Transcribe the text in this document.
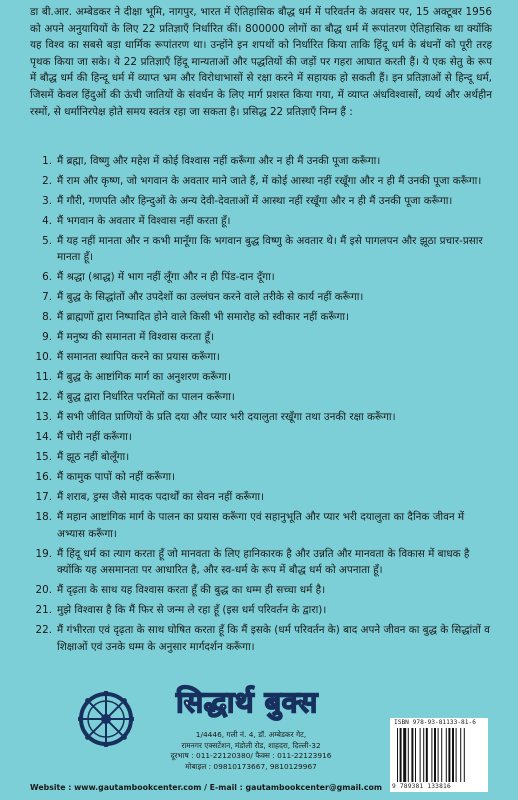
डा बी.आर. अम्बेडकर ने दीक्षा भूमि, नागपुर, भारत में ऐतिहासिक बौद्ध धर्म में परिवर्तन के अवसर पर, 15 अक्टूबर 1956 को अपने अनुयायियों के लिए 22 प्रतिज्ञाएँ निर्धारित कीं। 800000 लोगों का बौद्ध धर्म में रूपांतरण ऐतिहासिक था क्योंकि यह विश्व का सबसे बड़ा धार्मिक रूपांतरण था। उन्होंने इन शपथों को निर्धारित किया ताकि हिंदू धर्म के बंधनों को पूरी तरह पृथक किया जा सके। ये 22 प्रतिज्ञाएँ हिंदू मान्यताओं और पद्धतियों की जड़ों पर गहरा आघात करती हैं। ये एक सेतु के रूप में बौद्ध धर्म की हिन्दू धर्म में व्याप्त भ्रम और विरोधाभासों से रक्षा करने में सहायक हो सकती हैं। इन प्रतिज्ञाओं से हिन्दू धर्म, जिसमें केवल हिंदुओं की ऊंची जातियों के संवर्धन के लिए मार्ग प्रशस्त किया गया, में व्याप्त अंधविश्वासों, व्यर्थ और अर्थहीन रस्मों, से धर्मानिरपेक्ष होते समय स्वतंत्र रहा जा सकता है। प्रसिद्ध 22 प्रतिज्ञाएँ निम्न हैं :

1. मैं ब्रह्मा, विष्णु और महेश में कोई विश्वास नहीं करूँगा और न ही मैं उनकी पूजा करूँगा।
2. मैं राम और कृष्ण, जो भगवान के अवतार माने जाते हैं, में कोई आस्था नहीं रखूँगा और न ही मैं उनकी पूजा करूँगा।
3. मैं गौरी, गणपति और हिन्दुओं के अन्य देवी-देवताओं में आस्था नहीं रखूँगा और न ही मैं उनकी पूजा करूँगा।
4. मैं भगवान के अवतार में विश्वास नहीं करता हूँ।
5. मैं यह नहीं मानता और न कभी मानूँगा कि भगवान बुद्ध विष्णु के अवतार थे। मैं इसे पागलपन और झूठा प्रचार-प्रसार मानता हूँ।
6. मैं श्रद्धा (श्राद्ध) में भाग नहीं लूँगा और न ही पिंड-दान दूँगा।
7. मैं बुद्ध के सिद्धांतों और उपदेशों का उल्लंघन करने वाले तरीके से कार्य नहीं करूँगा।
8. मैं ब्राह्मणों द्वारा निष्पादित होने वाले किसी भी समारोह को स्वीकार नहीं करूँगा।
9. मैं मनुष्य की समानता में विश्वास करता हूँ।
10. मैं समानता स्थापित करने का प्रयास करूँगा।
11. मैं बुद्ध के आष्टांगिक मार्ग का अनुशरण करूँगा।
12. मैं बुद्ध द्वारा निर्धारित परमितों का पालन करूँगा।
13. मैं सभी जीवित प्राणियों के प्रति दया और प्यार भरी दयालुता रखूँगा तथा उनकी रक्षा करूँगा।
14. मैं चोरी नहीं करूँगा।
15. मैं झूठ नहीं बोलूँगा।
16. मैं कामुक पापों को नहीं करूँगा।
17. मैं शराब, ड्रग्स जैसे मादक पदार्थों का सेवन नहीं करूँगा।
18. मैं महान आष्टांगिक मार्ग के पालन का प्रयास करूँगा एवं सहानुभूति और प्यार भरी दयालुता का दैनिक जीवन में अभ्यास करूँगा।
19. मैं हिंदू धर्म का त्याग करता हूँ जो मानवता के लिए हानिकारक है और उन्नति और मानवता के विकास में बाधक है क्योंकि यह असमानता पर आधारित है, और स्व-धर्म के रूप में बौद्ध धर्म को अपनाता हूँ।
20. मैं दृढ़ता के साथ यह विश्वास करता हूँ की बुद्ध का धम्म ही सच्चा धर्म है।
21. मुझे विश्वास है कि मैं फिर से जन्म ले रहा हूँ (इस धर्म परिवर्तन के द्वारा)।
22. मैं गंभीरता एवं दृढ़ता के साथ घोषित करता हूँ कि मैं इसके (धर्म परिवर्तन के) बाद अपने जीवन का बुद्ध के सिद्धांतों व शिक्षाओं एवं उनके धम्म के अनुसार मार्गदर्शन करूँगा।
सिद्धार्थ बुक्स
1/4446, गली नं. 4, डॉ. अम्बेडकर गेट,
रामनगर एक्सटेंशन, मंडोली रोड, शाहदरा, दिल्ली-32
दूरभाष : 011-22120380/ फैक्स : 011-22123916
मोबाइल : 09810173667, 9810129967
Website : www.gautambookcenter.com / E-mail : gautambookcenter@gmail.com
ISBN 978-93-81133-81-6
9 789381 133816
